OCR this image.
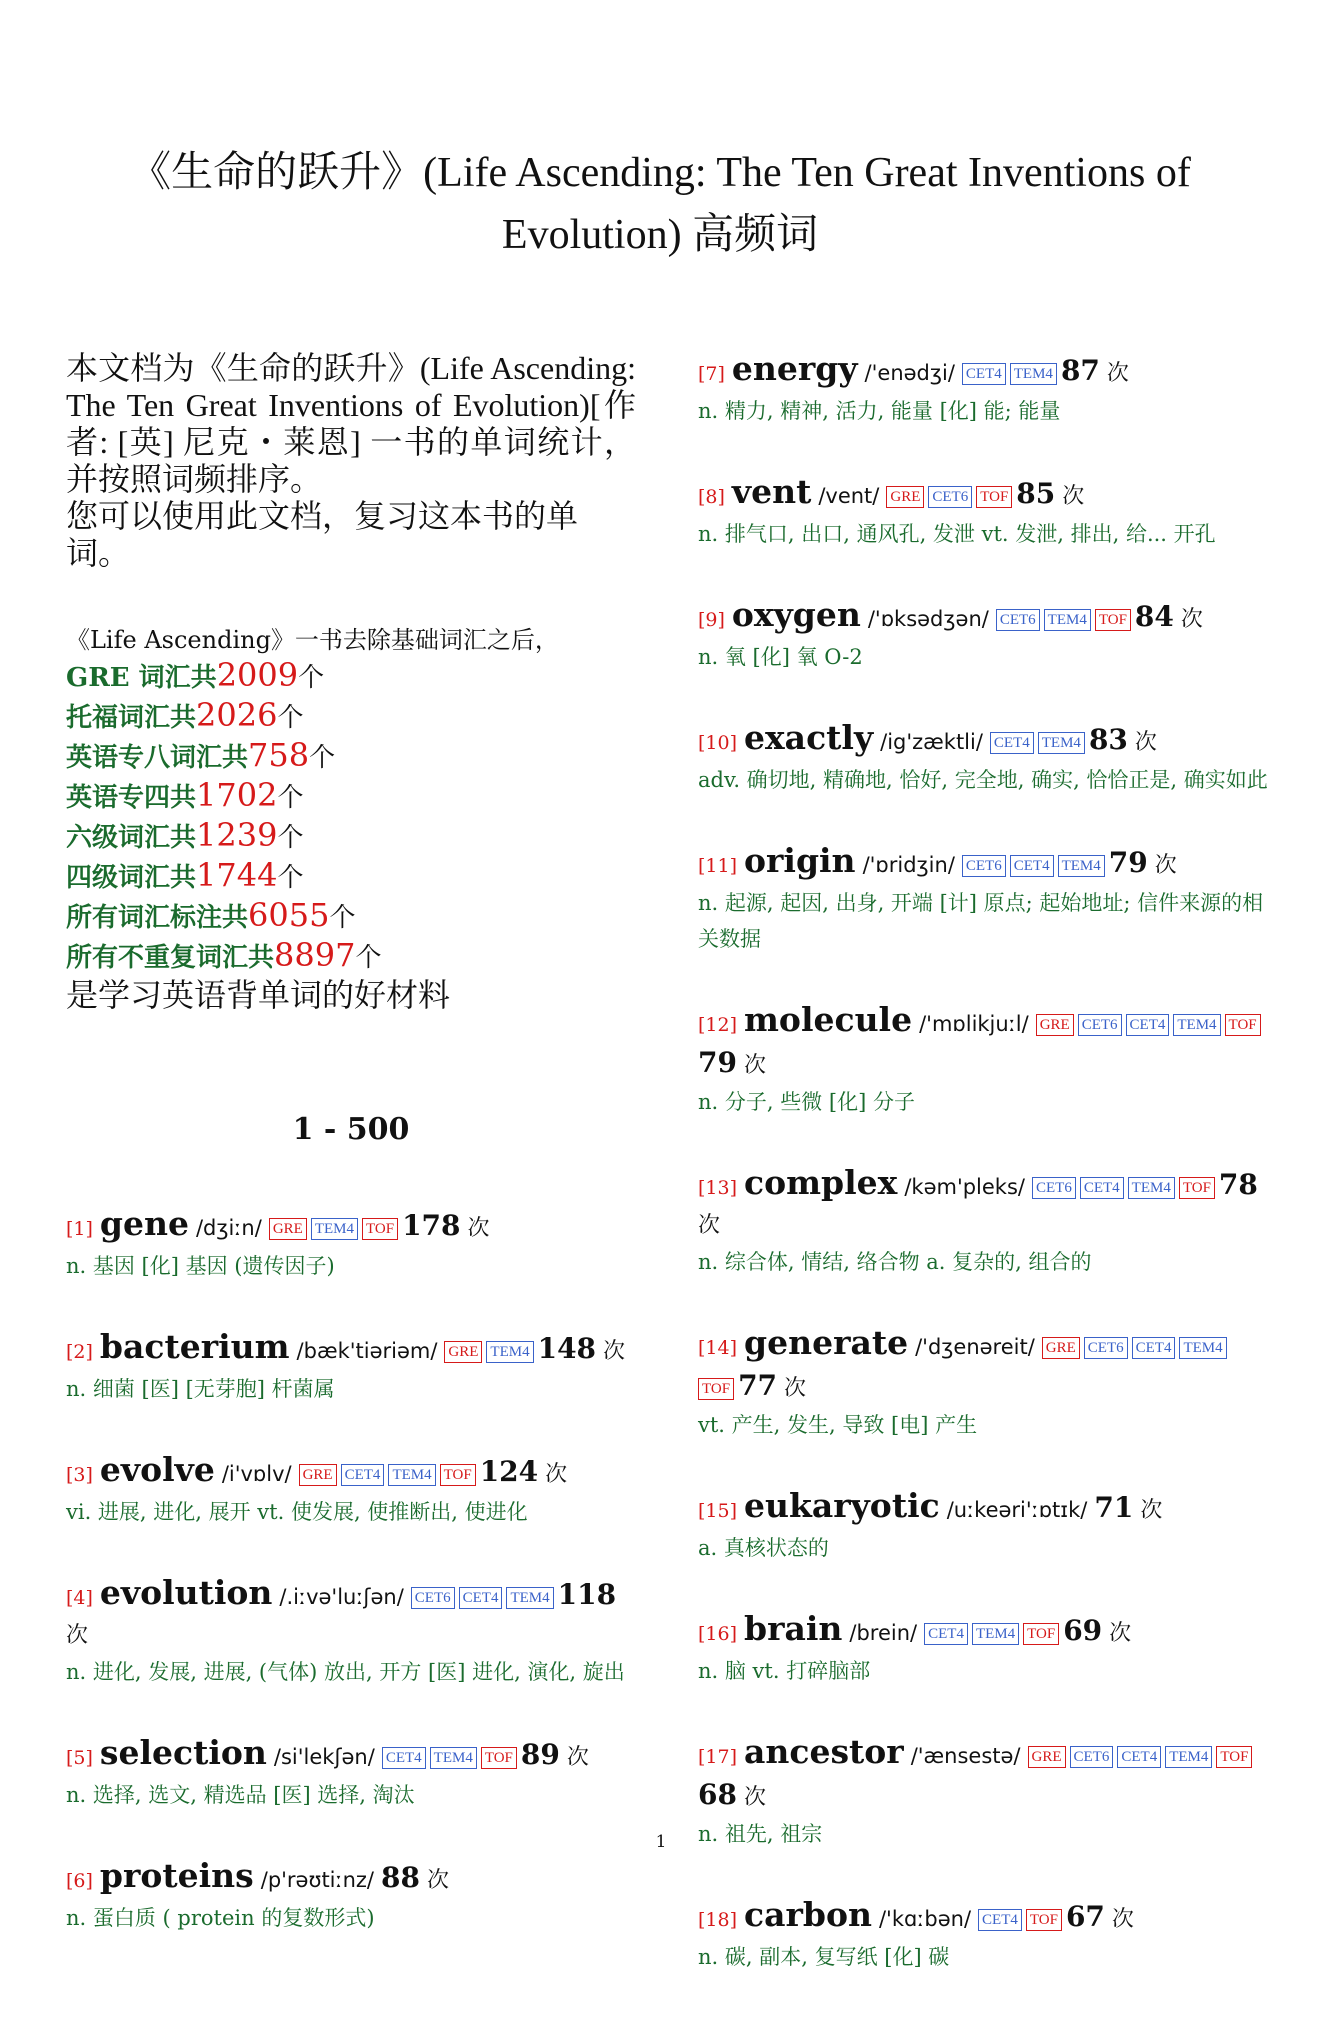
《生命的跃升》(Life Ascending: The Ten Great Inventions of Evolution) 高频词

本文档为《生命的跃升》(Life Ascending: The Ten Great Inventions of Evolution)[作者: [英] 尼克・莱恩] 一书的单词统计，并按照词频排序。

您可以使用此文档，复习这本书的单词。

《Life Ascending》一书去除基础词汇之后，
GRE 词汇共2009个
托福词汇共2026个
英语专八词汇共758个
英语专四共1702个
六级词汇共1239个
四级词汇共1744个
所有词汇标注共6055个
所有不重复词汇共8897个
是学习英语背单词的好材料
1 - 500
[1] gene /dʒiːn/ GRE TEM4 TOF 178 次
n. 基因 [化] 基因 (遗传因子)
[2] bacterium /bæk'tiəriəm/ GRE TEM4 148 次
n. 细菌 [医] [无芽胞] 杆菌属
[3] evolve /i'vɒlv/ GRE CET4 TEM4 TOF 124 次
vi. 进展, 进化, 展开 vt. 使发展, 使推断出, 使进化
[4] evolution /.iːvə'luːʃən/ CET6 CET4 TEM4 118 次
n. 进化, 发展, 进展, (气体) 放出, 开方 [医] 进化, 演化, 旋出
[5] selection /si'lekʃən/ CET4 TEM4 TOF 89 次
n. 选择, 选文, 精选品 [医] 选择, 淘汰
[6] proteins /p'rəʊtiːnz/ 88 次
n. 蛋白质 ( protein 的复数形式)
[7] energy /'enədʒi/ CET4 TEM4 87 次
n. 精力, 精神, 活力, 能量 [化] 能; 能量
[8] vent /vent/ GRE CET6 TOF 85 次
n. 排气口, 出口, 通风孔, 发泄 vt. 发泄, 排出, 给... 开孔
[9] oxygen /'ɒksədʒən/ CET6 TEM4 TOF 84 次
n. 氧 [化] 氧 O-2
[10] exactly /ig'zæktli/ CET4 TEM4 83 次
adv. 确切地, 精确地, 恰好, 完全地, 确实, 恰恰正是, 确实如此
[11] origin /'ɒridʒin/ CET6 CET4 TEM4 79 次
n. 起源, 起因, 出身, 开端 [计] 原点; 起始地址; 信件来源的相关数据
[12] molecule /'mɒlikjuːl/ GRE CET6 CET4 TEM4 TOF79 次
n. 分子, 些微 [化] 分子
[13] complex /kəm'pleks/ CET6 CET4 TEM4 TOF 78 次
n. 综合体, 情结, 络合物 a. 复杂的, 组合的
[14] generate /'dʒenəreit/ GRE CET6 CET4 TEM4TOF 77 次
vt. 产生, 发生, 导致 [电] 产生
[15] eukaryotic /uːkeəri'ːɒtɪk/ 71 次
a. 真核状态的
[16] brain /brein/ CET4 TEM4 TOF 69 次
n. 脑 vt. 打碎脑部
[17] ancestor /'ænsestə/ GRE CET6 CET4 TEM4 TOF68 次
n. 祖先, 祖宗
[18] carbon /'kɑːbən/ CET4 TOF 67 次
n. 碳, 副本, 复写纸 [化] 碳
1
